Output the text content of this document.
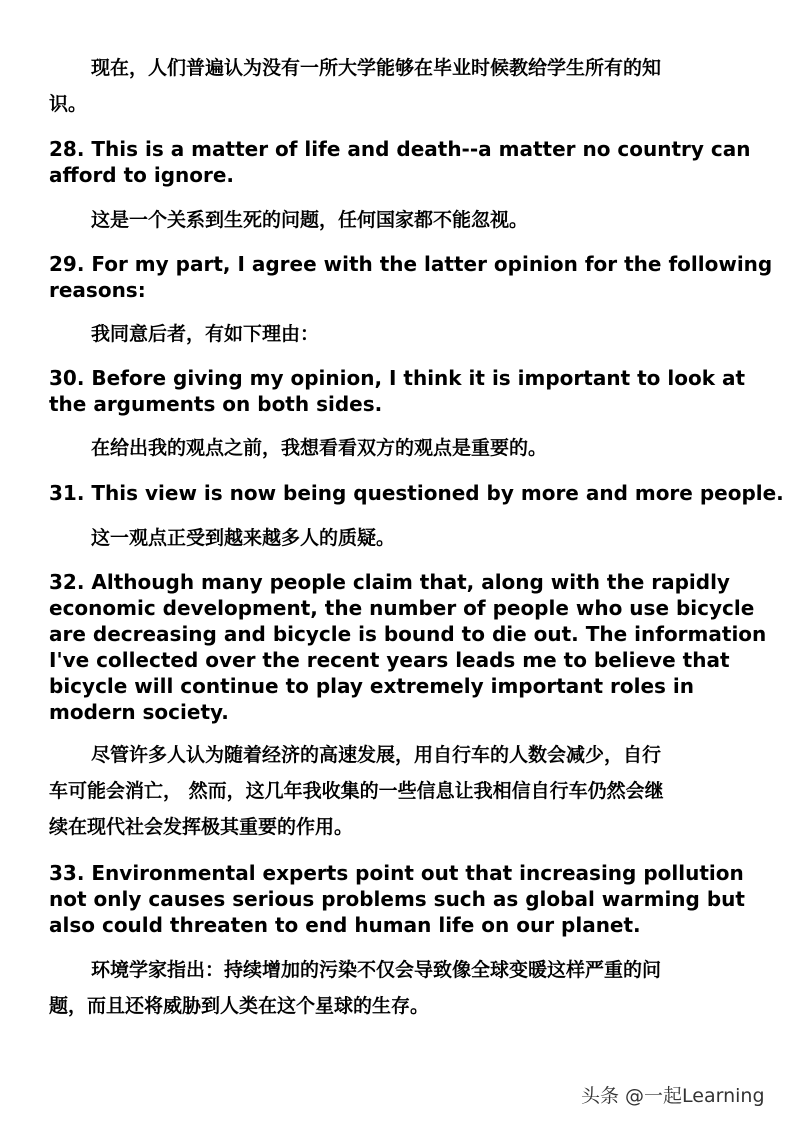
现在，人们普遍认为没有一所大学能够在毕业时候教给学生所有的知
识。

28. This is a matter of life and death--a matter no country can
afford to ignore.

这是一个关系到生死的问题，任何国家都不能忽视。

29. For my part, I agree with the latter opinion for the following
reasons:

我同意后者，有如下理由：

30. Before giving my opinion, I think it is important to look at
the arguments on both sides.

在给出我的观点之前，我想看看双方的观点是重要的。

31. This view is now being questioned by more and more people.

这一观点正受到越来越多人的质疑。

32. Although many people claim that, along with the rapidly
economic development, the number of people who use bicycle
are decreasing and bicycle is bound to die out. The information
I've collected over the recent years leads me to believe that
bicycle will continue to play extremely important roles in
modern society.

尽管许多人认为随着经济的高速发展，用自行车的人数会减少，自行
车可能会消亡， 然而，这几年我收集的一些信息让我相信自行车仍然会继
续在现代社会发挥极其重要的作用。

33. Environmental experts point out that increasing pollution
not only causes serious problems such as global warming but
also could threaten to end human life on our planet.

环境学家指出：持续增加的污染不仅会导致像全球变暖这样严重的问
题，而且还将威胁到人类在这个星球的生存。

头条 @一起Learning
